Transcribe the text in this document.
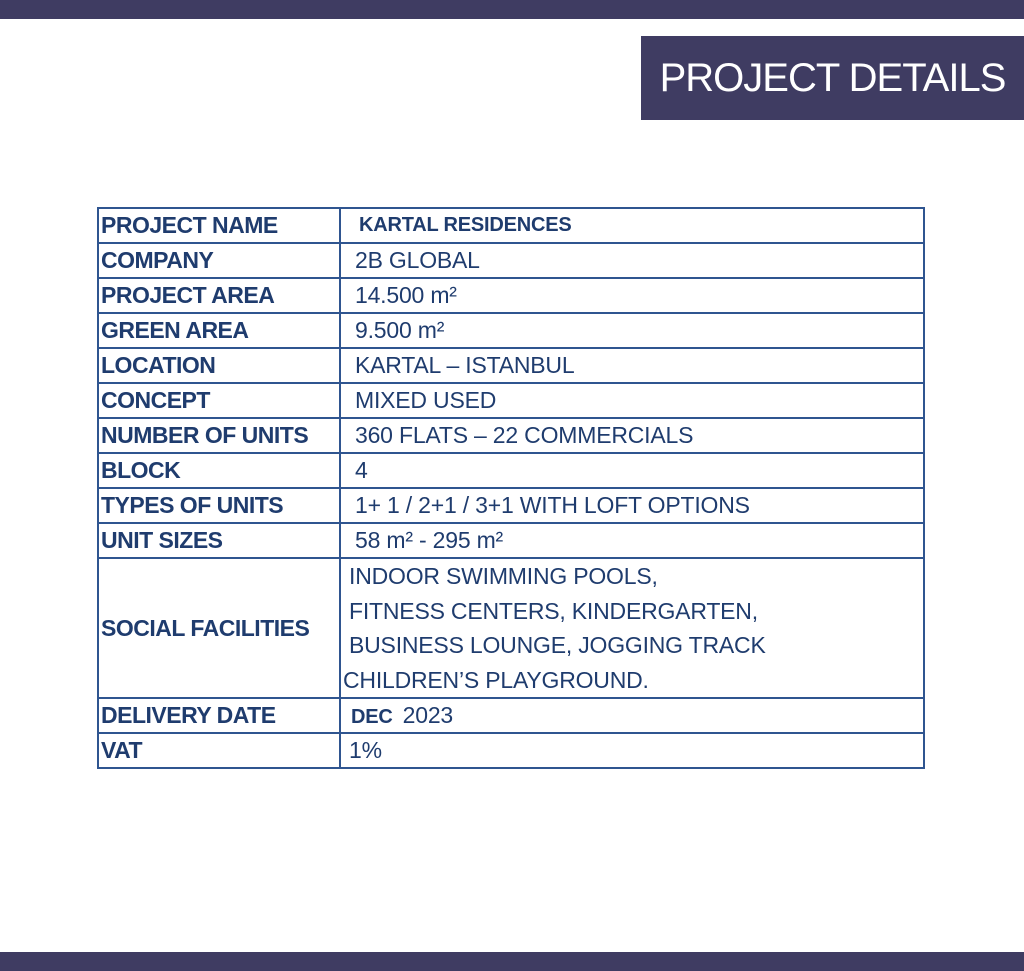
PROJECT DETAILS
PROJECT NAME	KARTAL RESIDENCES
COMPANY	2B GLOBAL
PROJECT AREA	14.500 m²
GREEN AREA	9.500 m²
LOCATION	KARTAL – ISTANBUL
CONCEPT	MIXED USED
NUMBER OF UNITS	360 FLATS – 22 COMMERCIALS
BLOCK	4
TYPES OF UNITS	1+ 1 / 2+1 / 3+1 WITH LOFT OPTIONS
UNIT SIZES	58 m² - 295 m²
SOCIAL FACILITIES	INDOOR SWIMMING POOLS,
FITNESS CENTERS, KINDERGARTEN,
BUSINESS LOUNGE, JOGGING TRACK
CHILDREN’S PLAYGROUND.

DELIVERY DATE	DEC 2023
VAT	1%
